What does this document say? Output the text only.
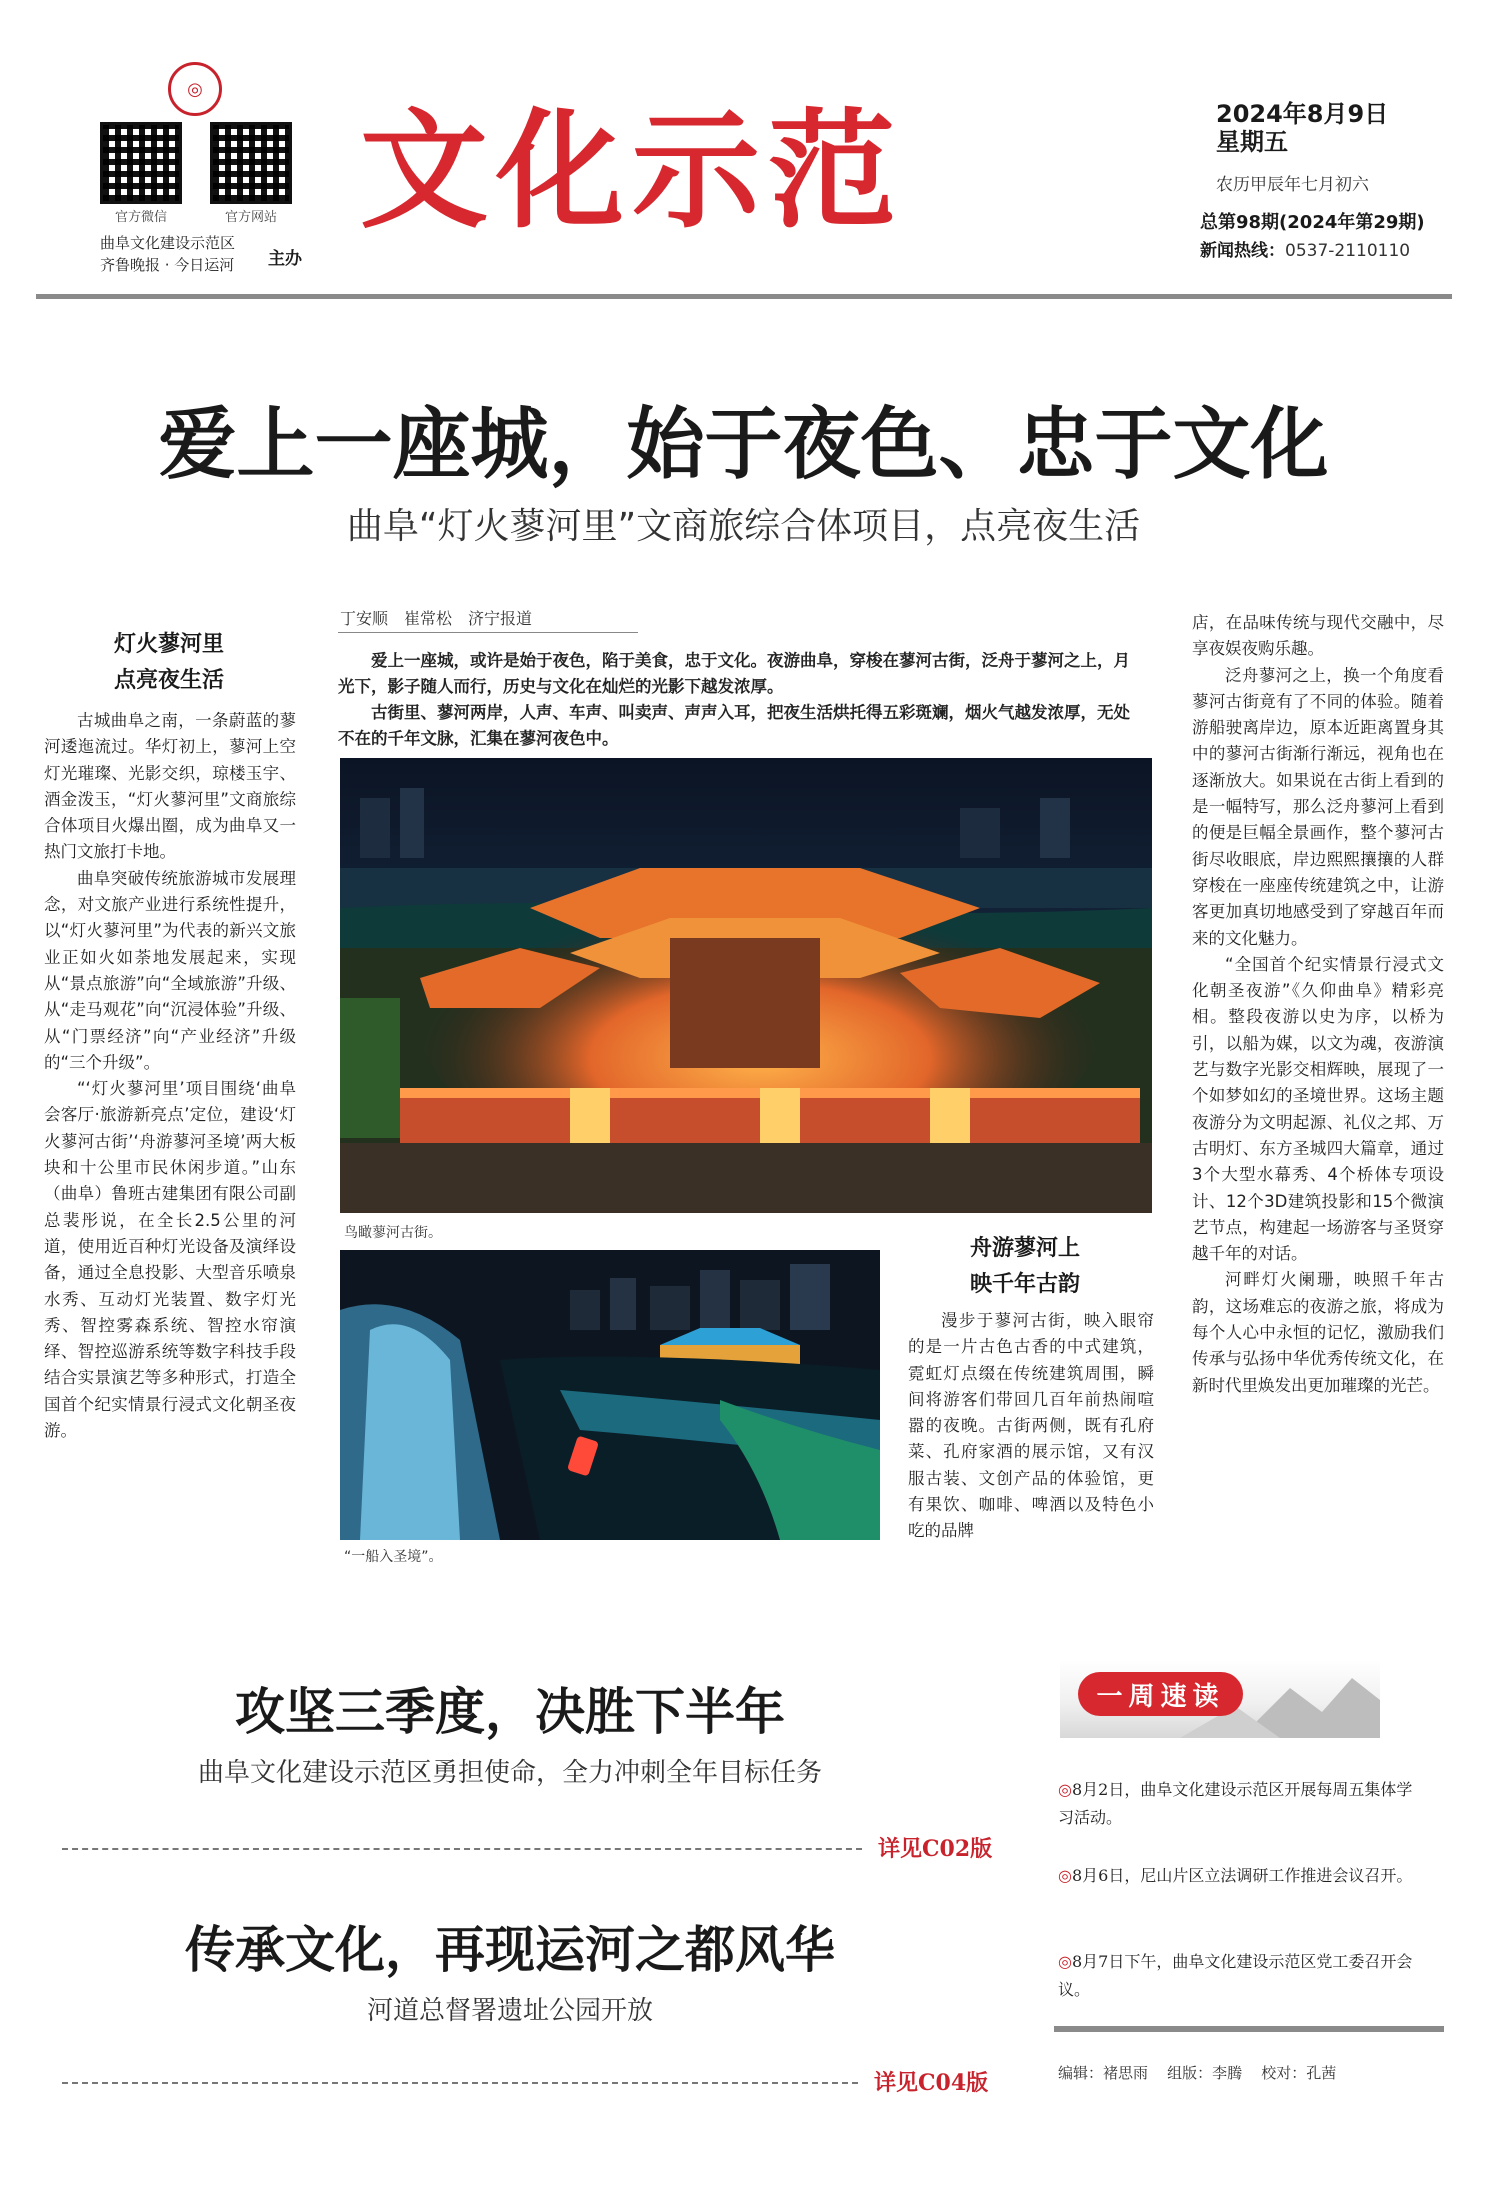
◎
官方微信	官方网站
曲阜文化建设示范区
齐鲁晚报 · 今日运河 主办
文化示范	2024年8月9日
星期五
农历甲辰年七月初六
总第98期(2024年第29期)
新闻热线：0537-2110110
爱上一座城，始于夜色、忠于文化
曲阜“灯火蓼河里”文商旅综合体项目，点亮夜生活
灯火蓼河里
点亮夜生活

古城曲阜之南，一条蔚蓝的蓼河逶迤流过。华灯初上，蓼河上空灯光璀璨、光影交织，琼楼玉宇、酒金泼玉，“灯火蓼河里”文商旅综合体项目火爆出圈，成为曲阜又一热门文旅打卡地。

曲阜突破传统旅游城市发展理念，对文旅产业进行系统性提升，以“灯火蓼河里”为代表的新兴文旅业正如火如荼地发展起来，实现从“景点旅游”向“全域旅游”升级、从“走马观花”向“沉浸体验”升级、从“门票经济”向“产业经济”升级的“三个升级”。

“‘灯火蓼河里’项目围绕‘曲阜会客厅·旅游新亮点’定位，建设‘灯火蓼河古街’‘舟游蓼河圣境’两大板块和十公里市民休闲步道。”山东（曲阜）鲁班古建集团有限公司副总裴彤说，在全长2.5公里的河道，使用近百种灯光设备及演绎设备，通过全息投影、大型音乐喷泉水秀、互动灯光装置、数字灯光秀、智控雾森系统、智控水帘演绎、智控巡游系统等数字科技手段结合实景演艺等多种形式，打造全国首个纪实情景行浸式文化朝圣夜游。

丁安顺　崔常松　济宁报道

爱上一座城，或许是始于夜色，陷于美食，忠于文化。夜游曲阜，穿梭在蓼河古街，泛舟于蓼河之上，月光下，影子随人而行，历史与文化在灿烂的光影下越发浓厚。

古街里、蓼河两岸，人声、车声、叫卖声、声声入耳，把夜生活烘托得五彩斑斓，烟火气越发浓厚，无处不在的千年文脉，汇集在蓼河夜色中。

鸟瞰蓼河古街。
“一船入圣境”。
舟游蓼河上
映千年古韵

漫步于蓼河古街，映入眼帘的是一片古色古香的中式建筑，霓虹灯点缀在传统建筑周围，瞬间将游客们带回几百年前热闹喧嚣的夜晚。古街两侧，既有孔府菜、孔府家酒的展示馆，又有汉服古装、文创产品的体验馆，更有果饮、咖啡、啤酒以及特色小吃的品牌

店，在品味传统与现代交融中，尽享夜娱夜购乐趣。

泛舟蓼河之上，换一个角度看蓼河古街竟有了不同的体验。随着游船驶离岸边，原本近距离置身其中的蓼河古街渐行渐远，视角也在逐渐放大。如果说在古街上看到的是一幅特写，那么泛舟蓼河上看到的便是巨幅全景画作，整个蓼河古街尽收眼底，岸边熙熙攘攘的人群穿梭在一座座传统建筑之中，让游客更加真切地感受到了穿越百年而来的文化魅力。

“全国首个纪实情景行浸式文化朝圣夜游”《久仰曲阜》精彩亮相。整段夜游以史为序，以桥为引，以船为媒，以文为魂，夜游演艺与数字光影交相辉映，展现了一个如梦如幻的圣境世界。这场主题夜游分为文明起源、礼仪之邦、万古明灯、东方圣城四大篇章，通过3个大型水幕秀、4个桥体专项设计、12个3D建筑投影和15个微演艺节点，构建起一场游客与圣贤穿越千年的对话。

河畔灯火阑珊，映照千年古韵，这场难忘的夜游之旅，将成为每个人心中永恒的记忆，激励我们传承与弘扬中华优秀传统文化，在新时代里焕发出更加璀璨的光芒。

攻坚三季度，决胜下半年
曲阜文化建设示范区勇担使命，全力冲刺全年目标任务
详见C02版
传承文化，再现运河之都风华
河道总督署遗址公园开放
详见C04版
一周速读
◎8月2日，曲阜文化建设示范区开展每周五集体学习活动。
◎8月6日，尼山片区立法调研工作推进会议召开。
◎8月7日下午，曲阜文化建设示范区党工委召开会议。
编辑：褚思雨 组版：李腾 校对：孔茜
